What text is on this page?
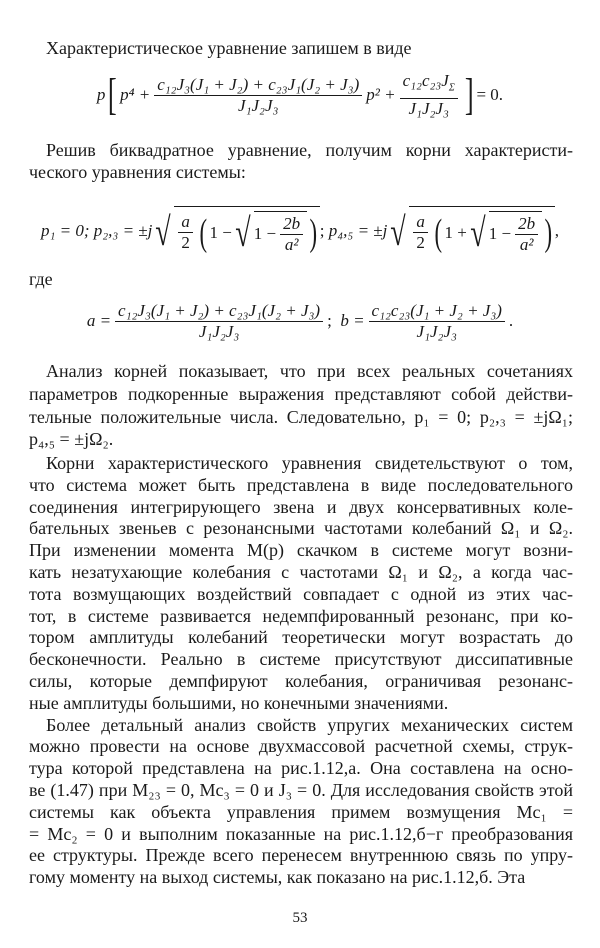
Характеристическое уравнение запишем в виде
p [ $p^4 + \frac{\text{c₁₂J₃(J₁ + J₂) + c₂₃J₁(J₂ + J₃)}}{\text{J₁J₂J₃}} p^2 + \frac{c_{12}c_{23}J_\Sigma}{\text{J₁J₂J₃}}$ ] = 0.
Решив биквадратное уравнение, получим корни характеристи-
ческого уравнения системы:
p₁ = 0;
p₂,₃ = ±j √ $\frac{a}{2}$ ( 1 − √ $1 - \frac{2b}{\text{a²}}$ ) ;
p₄,₅ = ±j √ $\frac{a}{2}$ ( 1 + √ $1 - \frac{2b}{\text{a²}}$ ) ,
где
$a = \frac{\text{c₁₂J₃(J₁ + J₂) + c₂₃J₁(J₂ + J₃)}}{\text{J₁J₂J₃}}$ ;
$b = \frac{\text{c₁₂c₂₃(J₁ + J₂ + J₃)}}{\text{J₁J₂J₃}}$ .
Анализ корней показывает, что при всех реальных сочетаниях
параметров подкоренные выражения представляют собой действи-
тельные положительные числа. Следовательно, p₁ = 0; p₂,₃ = ±jΩ₁;
p₄,₅ = ±jΩ₂.
Корни характеристического уравнения свидетельствуют о том,
что система может быть представлена в виде последовательного
соединения интегрирующего звена и двух консервативных коле-
бательных звеньев с резонансными частотами колебаний Ω₁ и Ω₂.
При изменении момента M(p) скачком в системе могут возни-
кать незатухающие колебания с частотами Ω₁ и Ω₂, а когда час-
тота возмущающих воздействий совпадает с одной из этих час-
тот, в системе развивается недемпфированный резонанс, при ко-
тором амплитуды колебаний теоретически могут возрастать до
бесконечности. Реально в системе присутствуют диссипативные
силы, которые демпфируют колебания, ограничивая резонанс-
ные амплитуды большими, но конечными значениями.
Более детальный анализ свойств упругих механических систем
можно провести на основе двухмассовой расчетной схемы, струк-
тура которой представлена на рис.1.12,a. Она составлена на осно-
ве (1.47) при M₂₃ = 0, Mс₃ = 0 и J₃ = 0. Для исследования свойств этой
системы как объекта управления примем возмущения Mс₁ =
= Mс₂ = 0 и выполним показанные на рис.1.12,б−г преобразования
ее структуры. Прежде всего перенесем внутреннюю связь по упру-
гому моменту на выход системы, как показано на рис.1.12,б. Эта
53
